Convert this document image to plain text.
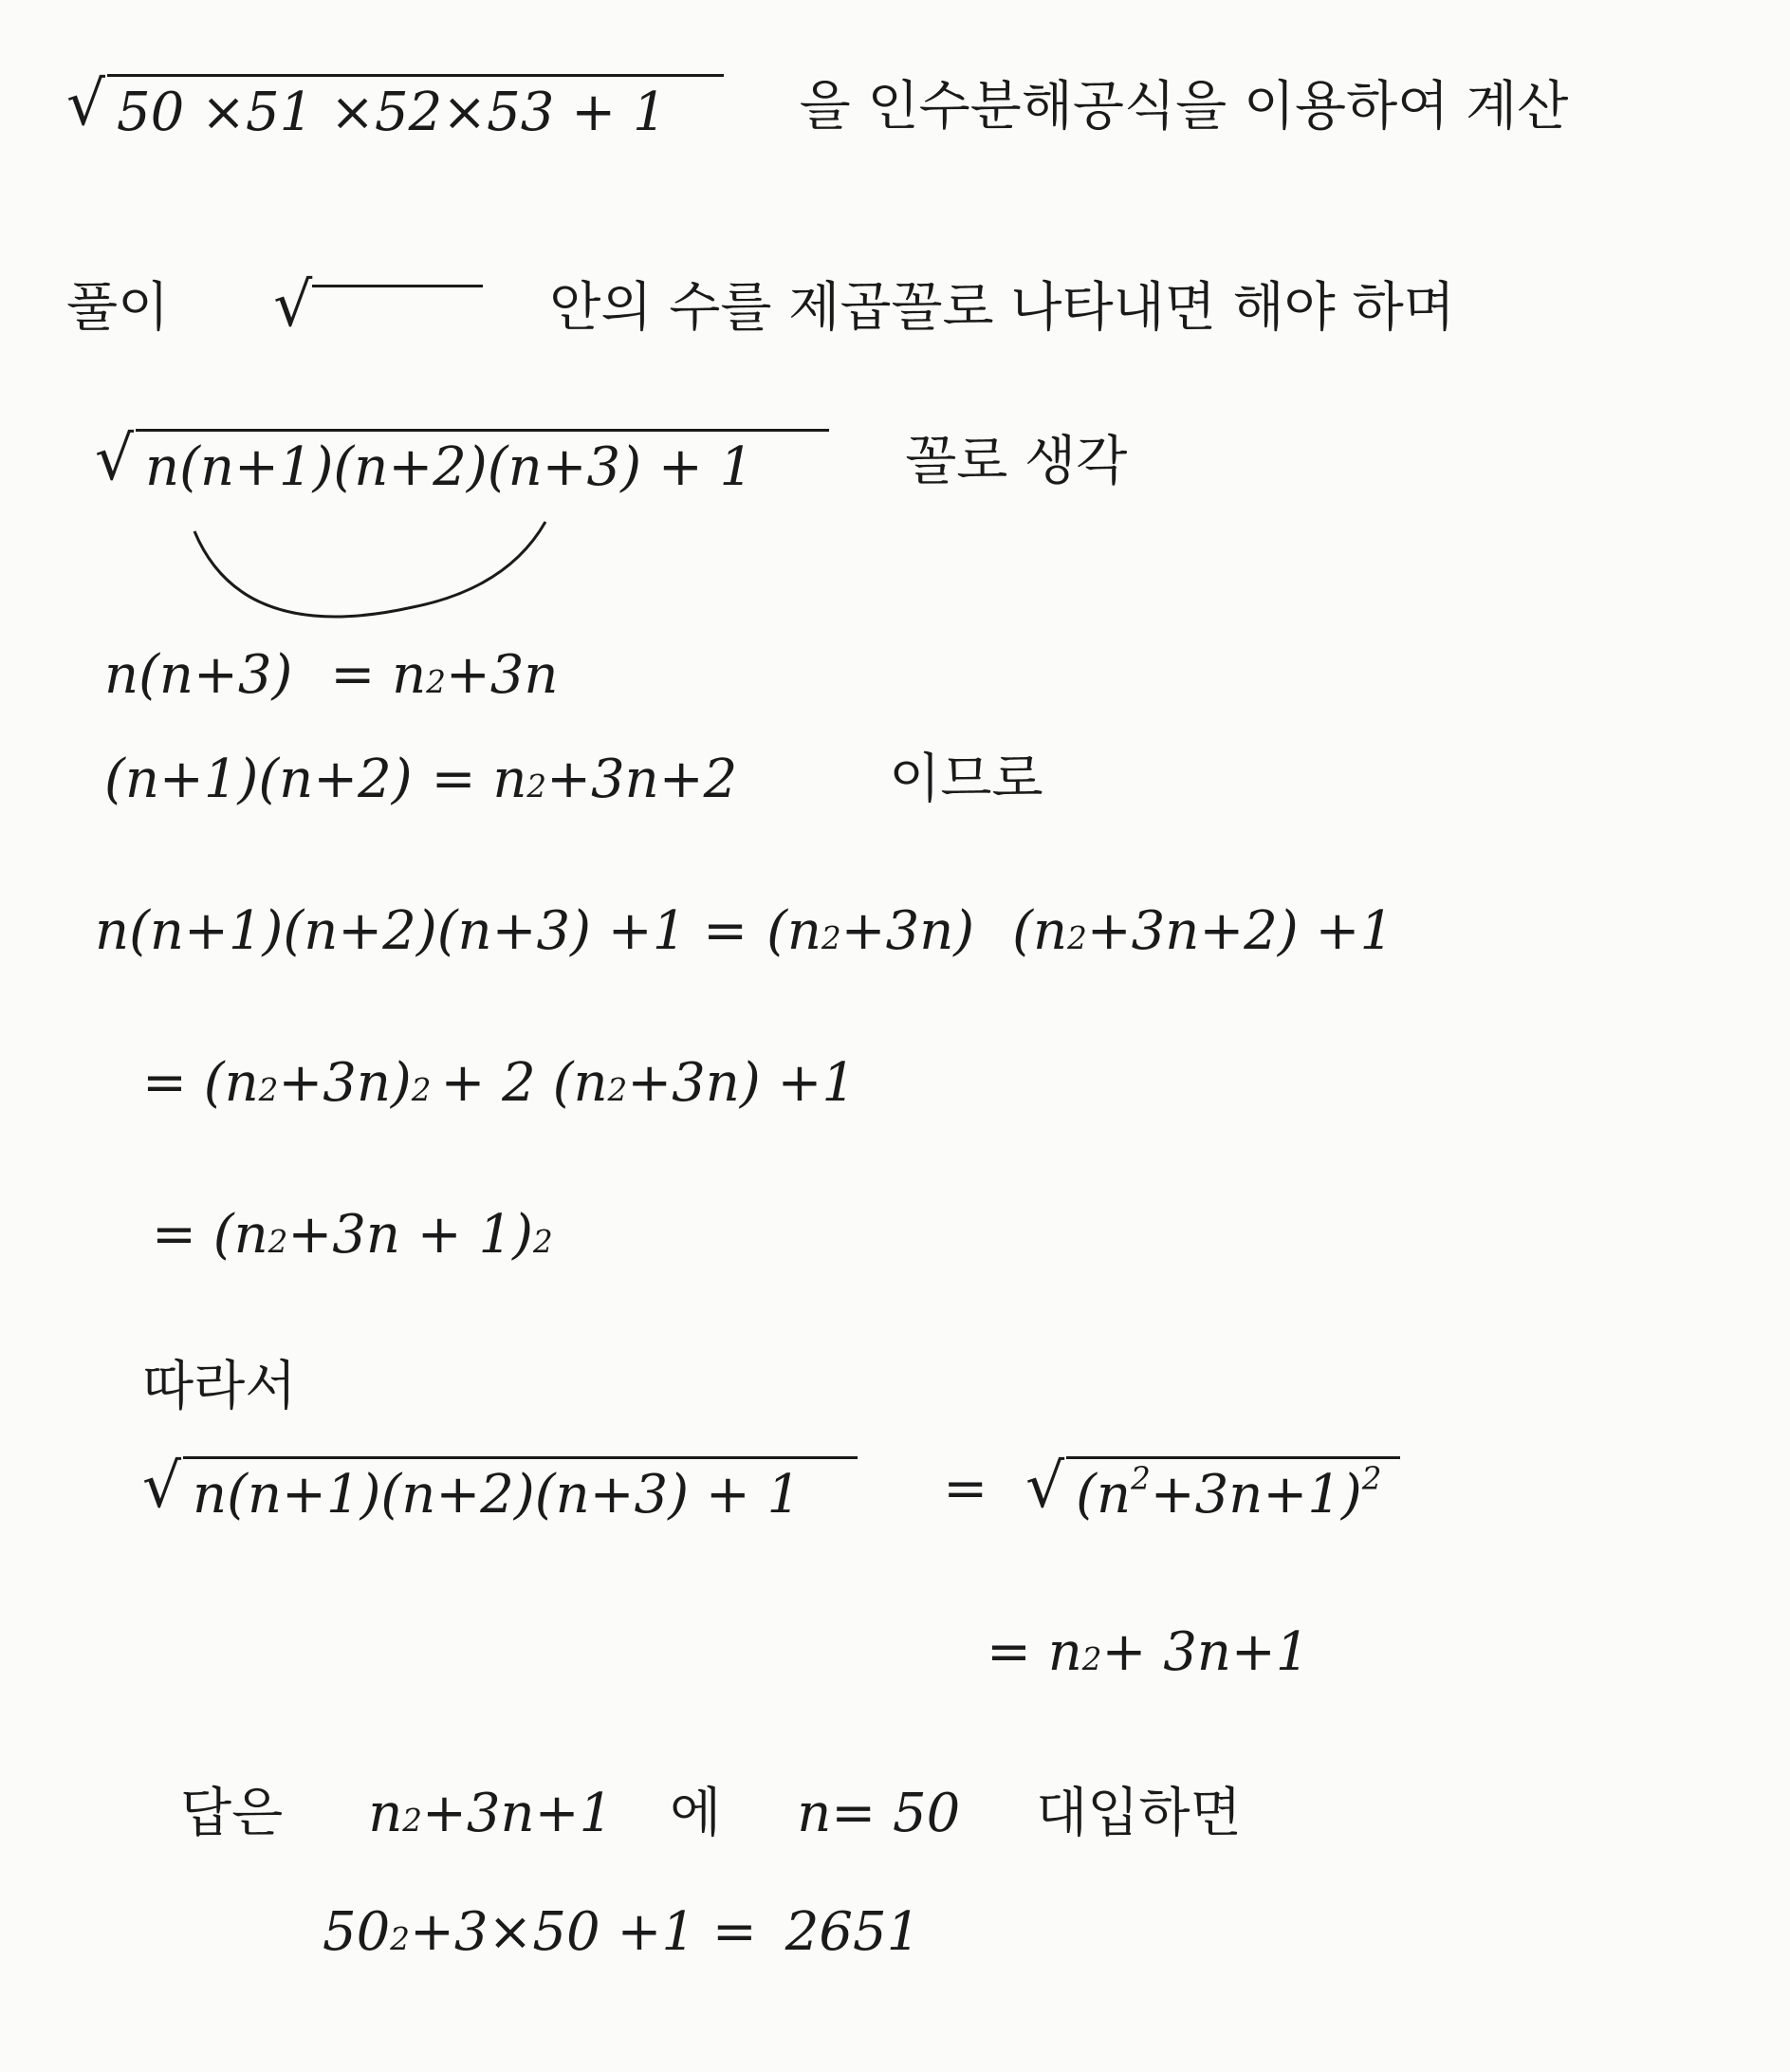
√ 50 ×51 ×52×53 + 1	을 인수분해공식을 이용하여 계산
풀이 √	안의 수를 제곱꼴로 나타내면 해야 하며
√ n(n+1)(n+2)(n+3) + 1	꼴로 생각
n(n+3) = n 2 +3n
(n+1)(n+2) = n 2 +3n+2	이므로
n(n+1)(n+2)(n+3) +1 = (n 2 +3n) (n 2 +3n+2) +1
= (n 2 +3n) 2 + 2 (n 2 +3n) +1
= (n 2 +3n + 1) 2
따라서
√ n(n+1)(n+2)(n+3) + 1	= √ $(n^2+3n+1)^2$
= n 2 + 3n+1
답은 n 2 +3n+1 에 n= 50 대입하면
50 2 +3×50 +1 = 2651
